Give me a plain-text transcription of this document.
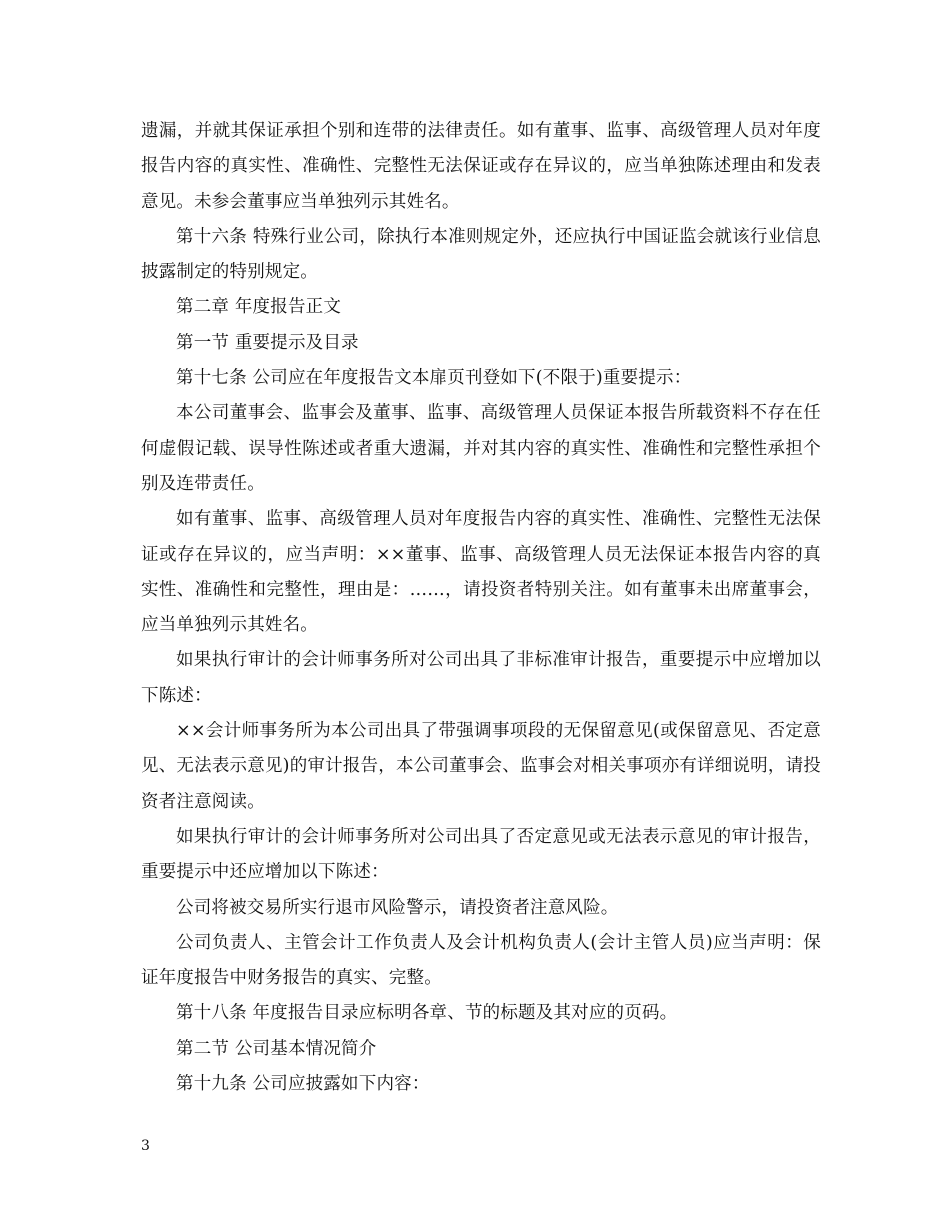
遗漏，并就其保证承担个别和连带的法律责任。如有董事、监事、高级管理人员对年度报告内容的真实性、准确性、完整性无法保证或存在异议的，应当单独陈述理由和发表意见。未参会董事应当单独列示其姓名。

第十六条 特殊行业公司，除执行本准则规定外，还应执行中国证监会就该行业信息披露制定的特别规定。

第二章 年度报告正文

第一节 重要提示及目录

第十七条 公司应在年度报告文本扉页刊登如下(不限于)重要提示：

本公司董事会、监事会及董事、监事、高级管理人员保证本报告所载资料不存在任何虚假记载、误导性陈述或者重大遗漏，并对其内容的真实性、准确性和完整性承担个别及连带责任。

如有董事、监事、高级管理人员对年度报告内容的真实性、准确性、完整性无法保证或存在异议的，应当声明：××董事、监事、高级管理人员无法保证本报告内容的真实性、准确性和完整性，理由是：……，请投资者特别关注。如有董事未出席董事会，应当单独列示其姓名。

如果执行审计的会计师事务所对公司出具了非标准审计报告，重要提示中应增加以下陈述：

××会计师事务所为本公司出具了带强调事项段的无保留意见(或保留意见、否定意见、无法表示意见)的审计报告，本公司董事会、监事会对相关事项亦有详细说明，请投资者注意阅读。

如果执行审计的会计师事务所对公司出具了否定意见或无法表示意见的审计报告，重要提示中还应增加以下陈述：

公司将被交易所实行退市风险警示，请投资者注意风险。

公司负责人、主管会计工作负责人及会计机构负责人(会计主管人员)应当声明：保证年度报告中财务报告的真实、完整。

第十八条 年度报告目录应标明各章、节的标题及其对应的页码。

第二节 公司基本情况简介

第十九条 公司应披露如下内容：

3
